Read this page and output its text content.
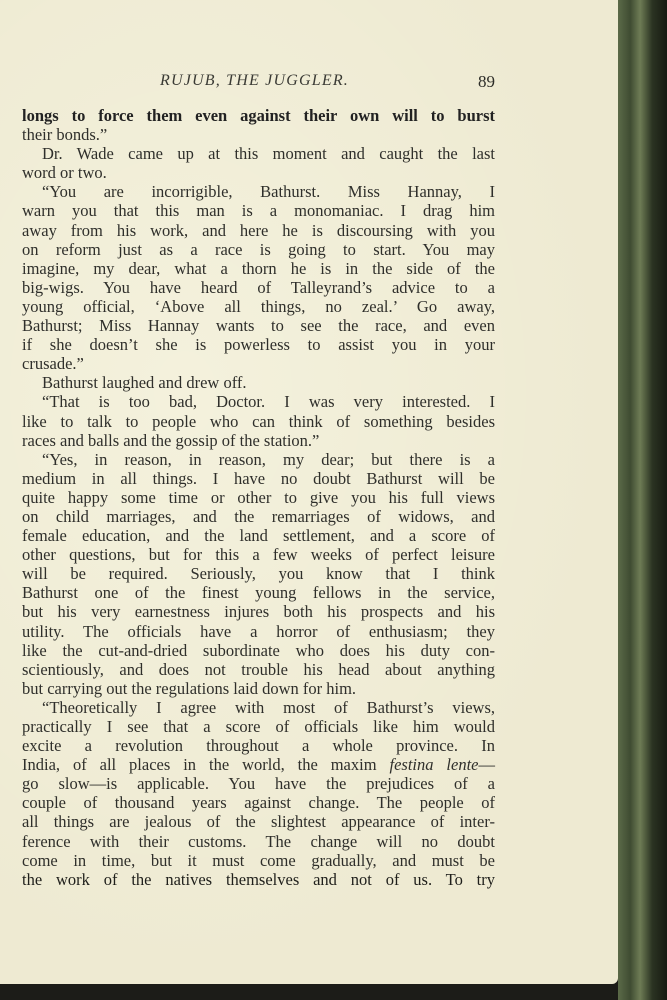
RUJUB, THE JUGGLER.	89
longs to force them even against their own will to burst
their bonds.”
Dr. Wade came up at this moment and caught the last
word or two.
“You are incorrigible, Bathurst. Miss Hannay, I
warn you that this man is a monomaniac. I drag him
away from his work, and here he is discoursing with you
on reform just as a race is going to start. You may
imagine, my dear, what a thorn he is in the side of the
big-wigs. You have heard of Talleyrand’s advice to a
young official, ‘Above all things, no zeal.’ Go away,
Bathurst; Miss Hannay wants to see the race, and even
if she doesn’t she is powerless to assist you in your
crusade.”
Bathurst laughed and drew off.
“That is too bad, Doctor. I was very interested. I
like to talk to people who can think of something besides
races and balls and the gossip of the station.”
“Yes, in reason, in reason, my dear; but there is a
medium in all things. I have no doubt Bathurst will be
quite happy some time or other to give you his full views
on child marriages, and the remarriages of widows, and
female education, and the land settlement, and a score of
other questions, but for this a few weeks of perfect leisure
will be required. Seriously, you know that I think
Bathurst one of the finest young fellows in the service,
but his very earnestness injures both his prospects and his
utility. The officials have a horror of enthusiasm; they
like the cut-and-dried subordinate who does his duty con-
scientiously, and does not trouble his head about anything
but carrying out the regulations laid down for him.
“Theoretically I agree with most of Bathurst’s views,
practically I see that a score of officials like him would
excite a revolution throughout a whole province. In
India, of all places in the world, the maxim festina lente—
go slow—is applicable. You have the prejudices of a
couple of thousand years against change. The people of
all things are jealous of the slightest appearance of inter-
ference with their customs. The change will no doubt
come in time, but it must come gradually, and must be
the work of the natives themselves and not of us. To try
